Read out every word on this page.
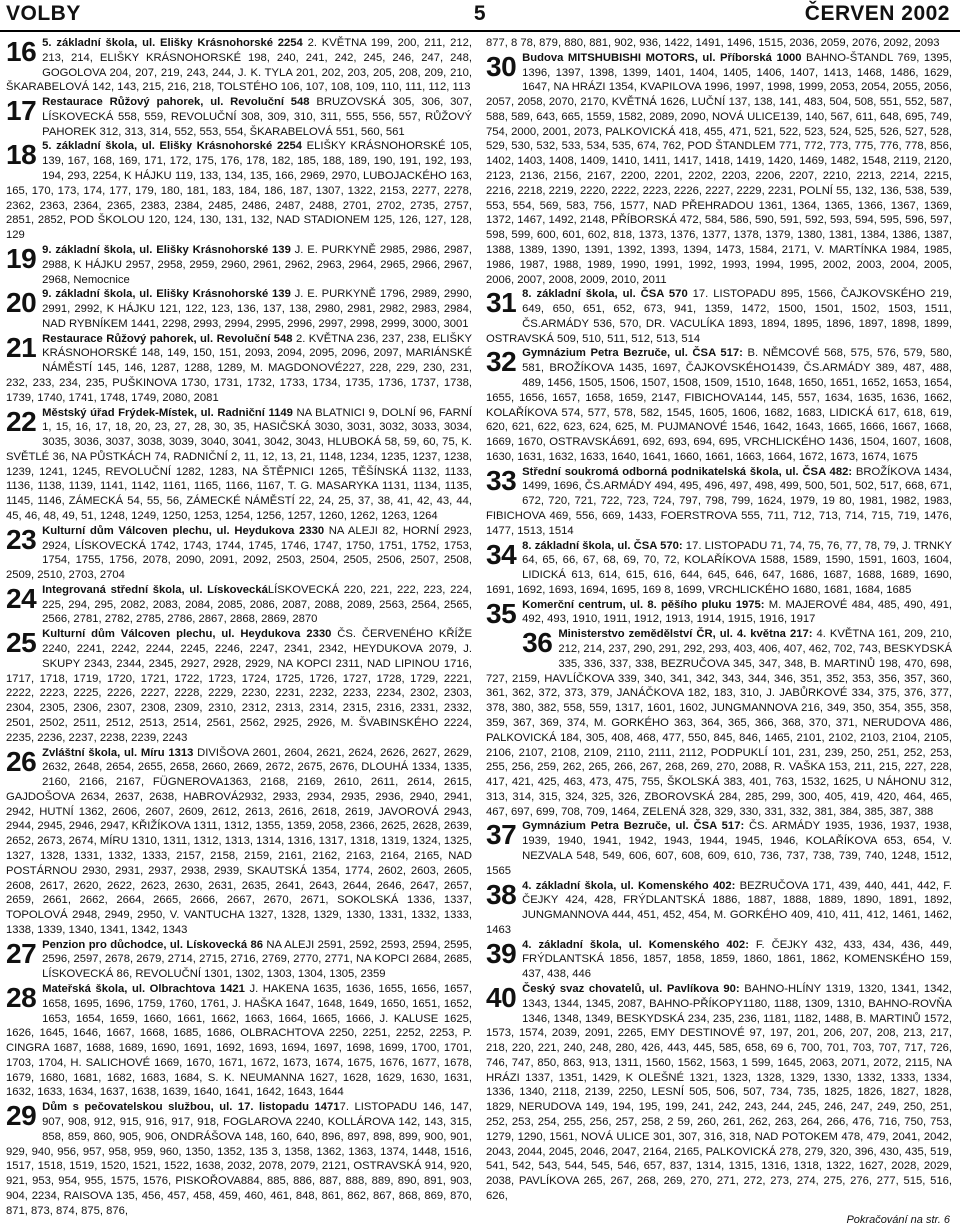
5
VOLBY	ČERVEN 2002

16 5. základní škola, ul. Elišky Krásnohorské 2254 2. KVĚTNA 199, 200, 211, 212, 213, 214, ELIŠKY KRÁSNOHORSKÉ 198, 240, 241, 242, 245, 246, 247, 248, GOGOLOVA 204, 207, 219, 243, 244, J. K. TYLA 201, 202, 203, 205, 208, 209, 210, ŠKARABELOVÁ 142, 143, 215, 216, 218, TOLSTÉHO 106, 107, 108, 109, 110, 111, 112, 113

17 Restaurace Růžový pahorek, ul. Revoluční 548 BRUZOVSKÁ 305, 306, 307, LÍSKOVECKÁ 558, 559, REVOLUČNÍ 308, 309, 310, 311, 555, 556, 557, RŮŽOVÝ PAHOREK 312, 313, 314, 552, 553, 554, ŠKARABELOVÁ 551, 560, 561

18 5. základní škola, ul. Elišky Krásnohorské 2254 ELIŠKY KRÁSNOHORSKÉ 105, 139, 167, 168, 169, 171, 172, 175, 176, 178, 182, 185, 188, 189, 190, 191, 192, 193, 194, 293, 2254, K HÁJKU 119, 133, 134, 135, 166, 2969, 2970, LUBOJACKÉHO 163, 165, 170, 173, 174, 177, 179, 180, 181, 183, 184, 186, 187, 1307, 1322, 2153, 2277, 2278, 2362, 2363, 2364, 2365, 2383, 2384, 2485, 2486, 2487, 2488, 2701, 2702, 2735, 2757, 2851, 2852, POD ŠKOLOU 120, 124, 130, 131, 132, NAD STADIONEM 125, 126, 127, 128, 129

19 9. základní škola, ul. Elišky Krásnohorské 139 J. E. PURKYNĚ 2985, 2986, 2987, 2988, K HÁJKU 2957, 2958, 2959, 2960, 2961, 2962, 2963, 2964, 2965, 2966, 2967, 2968, Nemocnice

20 9. základní škola, ul. Elišky Krásnohorské 139 J. E. PURKYNĚ 1796, 2989, 2990, 2991, 2992, K HÁJKU 121, 122, 123, 136, 137, 138, 2980, 2981, 2982, 2983, 2984, NAD RYBNÍKEM 1441, 2298, 2993, 2994, 2995, 2996, 2997, 2998, 2999, 3000, 3001

21 Restaurace Růžový pahorek, ul. Revoluční 548 2. KVĚTNA 236, 237, 238, ELIŠKY KRÁSNOHORSKÉ 148, 149, 150, 151, 2093, 2094, 2095, 2096, 2097, MARIÁNSKÉ NÁMĚSTÍ 145, 146, 1287, 1288, 1289, M. MAGDONOVÉ227, 228, 229, 230, 231, 232, 233, 234, 235, PUŠKINOVA 1730, 1731, 1732, 1733, 1734, 1735, 1736, 1737, 1738, 1739, 1740, 1741, 1748, 1749, 2080, 2081

22 Městský úřad Frýdek-Místek, ul. Radniční 1149 NA BLATNICI 9, DOLNÍ 96, FARNÍ 1, 15, 16, 17, 18, 20, 23, 27, 28, 30, 35, HASIČSKÁ 3030, 3031, 3032, 3033, 3034, 3035, 3036, 3037, 3038, 3039, 3040, 3041, 3042, 3043, HLUBOKÁ 58, 59, 60, 75, K. SVĚTLÉ 36, NA PŮSTKÁCH 74, RADNIČNÍ 2, 11, 12, 13, 21, 1148, 1234, 1235, 1237, 1238, 1239, 1241, 1245, REVOLUČNÍ 1282, 1283, NA ŠTĚPNICI 1265, TĚŠÍNSKÁ 1132, 1133, 1136, 1138, 1139, 1141, 1142, 1161, 1165, 1166, 1167, T. G. MASARYKA 1131, 1134, 1135, 1145, 1146, ZÁMECKÁ 54, 55, 56, ZÁMECKÉ NÁMĚSTÍ 22, 24, 25, 37, 38, 41, 42, 43, 44, 45, 46, 48, 49, 51, 1248, 1249, 1250, 1253, 1254, 1256, 1257, 1260, 1262, 1263, 1264

23 Kulturní dům Válcoven plechu, ul. Heydukova 2330 NA ALEJI 82, HORNÍ 2923, 2924, LÍSKOVECKÁ 1742, 1743, 1744, 1745, 1746, 1747, 1750, 1751, 1752, 1753, 1754, 1755, 1756, 2078, 2090, 2091, 2092, 2503, 2504, 2505, 2506, 2507, 2508, 2509, 2510, 2703, 2704

24 Integrovaná střední škola, ul. LískoveckáLÍSKOVECKÁ 220, 221, 222, 223, 224, 225, 294, 295, 2082, 2083, 2084, 2085, 2086, 2087, 2088, 2089, 2563, 2564, 2565, 2566, 2781, 2782, 2785, 2786, 2867, 2868, 2869, 2870

25 Kulturní dům Válcoven plechu, ul. Heydukova 2330 ČS. ČERVENÉHO KŘÍŽE 2240, 2241, 2242, 2244, 2245, 2246, 2247, 2341, 2342, HEYDUKOVA 2079, J. SKUPY 2343, 2344, 2345, 2927, 2928, 2929, NA KOPCI 2311, NAD LIPINOU 1716, 1717, 1718, 1719, 1720, 1721, 1722, 1723, 1724, 1725, 1726, 1727, 1728, 1729, 2221, 2222, 2223, 2225, 2226, 2227, 2228, 2229, 2230, 2231, 2232, 2233, 2234, 2302, 2303, 2304, 2305, 2306, 2307, 2308, 2309, 2310, 2312, 2313, 2314, 2315, 2316, 2331, 2332, 2501, 2502, 2511, 2512, 2513, 2514, 2561, 2562, 2925, 2926, M. ŠVABINSKÉHO 2224, 2235, 2236, 2237, 2238, 2239, 2243

26 Zvláštní škola, ul. Míru 1313 DIVIŠOVA 2601, 2604, 2621, 2624, 2626, 2627, 2629, 2632, 2648, 2654, 2655, 2658, 2660, 2669, 2672, 2675, 2676, DLOUHÁ 1334, 1335, 2160, 2166, 2167, FÜGNEROVA1363, 2168, 2169, 2610, 2611, 2614, 2615, GAJDOŠOVA 2634, 2637, 2638, HABROVÁ2932, 2933, 2934, 2935, 2936, 2940, 2941, 2942, HUTNÍ 1362, 2606, 2607, 2609, 2612, 2613, 2616, 2618, 2619, JAVOROVÁ 2943, 2944, 2945, 2946, 2947, KŘIŽÍKOVA 1311, 1312, 1355, 1359, 2058, 2366, 2625, 2628, 2639, 2652, 2673, 2674, MÍRU 1310, 1311, 1312, 1313, 1314, 1316, 1317, 1318, 1319, 1324, 1325, 1327, 1328, 1331, 1332, 1333, 2157, 2158, 2159, 2161, 2162, 2163, 2164, 2165, NAD POSTÁRNOU 2930, 2931, 2937, 2938, 2939, SKAUTSKÁ 1354, 1774, 2602, 2603, 2605, 2608, 2617, 2620, 2622, 2623, 2630, 2631, 2635, 2641, 2643, 2644, 2646, 2647, 2657, 2659, 2661, 2662, 2664, 2665, 2666, 2667, 2670, 2671, SOKOLSKÁ 1336, 1337, TOPOLOVÁ 2948, 2949, 2950, V. VANTUCHA 1327, 1328, 1329, 1330, 1331, 1332, 1333, 1338, 1339, 1340, 1341, 1342, 1343

27 Penzion pro důchodce, ul. Lískovecká 86 NA ALEJI 2591, 2592, 2593, 2594, 2595, 2596, 2597, 2678, 2679, 2714, 2715, 2716, 2769, 2770, 2771, NA KOPCI 2684, 2685, LÍSKOVECKÁ 86, REVOLUČNÍ 1301, 1302, 1303, 1304, 1305, 2359

28 Mateřská škola, ul. Olbrachtova 1421 J. HAKENA 1635, 1636, 1655, 1656, 1657, 1658, 1695, 1696, 1759, 1760, 1761, J. HAŠKA 1647, 1648, 1649, 1650, 1651, 1652, 1653, 1654, 1659, 1660, 1661, 1662, 1663, 1664, 1665, 1666, J. KALUSE 1625, 1626, 1645, 1646, 1667, 1668, 1685, 1686, OLBRACHTOVA 2250, 2251, 2252, 2253, P. CINGRA 1687, 1688, 1689, 1690, 1691, 1692, 1693, 1694, 1697, 1698, 1699, 1700, 1701, 1703, 1704, H. SALICHOVÉ 1669, 1670, 1671, 1672, 1673, 1674, 1675, 1676, 1677, 1678, 1679, 1680, 1681, 1682, 1683, 1684, S. K. NEUMANNA 1627, 1628, 1629, 1630, 1631, 1632, 1633, 1634, 1637, 1638, 1639, 1640, 1641, 1642, 1643, 1644

29 Dům s pečovatelskou službou, ul. 17. listopadu 14717. LISTOPADU 146, 147, 907, 908, 912, 915, 916, 917, 918, FOGLAROVA 2240, KOLLÁROVA 142, 143, 315, 858, 859, 860, 905, 906, ONDRÁŠOVA 148, 160, 640, 896, 897, 898, 899, 900, 901, 929, 940, 956, 957, 958, 959, 960, 1350, 1352, 135 3, 1358, 1362, 1363, 1374, 1448, 1516, 1517, 1518, 1519, 1520, 1521, 1522, 1638, 2032, 2078, 2079, 2121, OSTRAVSKÁ 914, 920, 921, 953, 954, 955, 1575, 1576, PISKOŘOVA884, 885, 886, 887, 888, 889, 890, 891, 903, 904, 2234, RAISOVA 135, 456, 457, 458, 459, 460, 461, 848, 861, 862, 867, 868, 869, 870, 871, 873, 874, 875, 876,

877, 8 78, 879, 880, 881, 902, 936, 1422, 1491, 1496, 1515, 2036, 2059, 2076, 2092, 2093

30 Budova MITSHUBISHI MOTORS, ul. Příborská 1000 BAHNO-ŠTANDL 769, 1395, 1396, 1397, 1398, 1399, 1401, 1404, 1405, 1406, 1407, 1413, 1468, 1486, 1629, 1647, NA HRÁZI 1354, KVAPILOVA 1996, 1997, 1998, 1999, 2053, 2054, 2055, 2056, 2057, 2058, 2070, 2170, KVĚTNÁ 1626, LUČNÍ 137, 138, 141, 483, 504, 508, 551, 552, 587, 588, 589, 643, 665, 1559, 1582, 2089, 2090, NOVÁ ULICE139, 140, 567, 611, 648, 695, 749, 754, 2000, 2001, 2073, PALKOVICKÁ 418, 455, 471, 521, 522, 523, 524, 525, 526, 527, 528, 529, 530, 532, 533, 534, 535, 674, 762, POD ŠTANDLEM 771, 772, 773, 775, 776, 778, 856, 1402, 1403, 1408, 1409, 1410, 1411, 1417, 1418, 1419, 1420, 1469, 1482, 1548, 2119, 2120, 2123, 2136, 2156, 2167, 2200, 2201, 2202, 2203, 2206, 2207, 2210, 2213, 2214, 2215, 2216, 2218, 2219, 2220, 2222, 2223, 2226, 2227, 2229, 2231, POLNÍ 55, 132, 136, 538, 539, 553, 554, 569, 583, 756, 1577, NAD PŘEHRADOU 1361, 1364, 1365, 1366, 1367, 1369, 1372, 1467, 1492, 2148, PŘÍBORSKÁ 472, 584, 586, 590, 591, 592, 593, 594, 595, 596, 597, 598, 599, 600, 601, 602, 818, 1373, 1376, 1377, 1378, 1379, 1380, 1381, 1384, 1386, 1387, 1388, 1389, 1390, 1391, 1392, 1393, 1394, 1473, 1584, 2171, V. MARTÍNKA 1984, 1985, 1986, 1987, 1988, 1989, 1990, 1991, 1992, 1993, 1994, 1995, 2002, 2003, 2004, 2005, 2006, 2007, 2008, 2009, 2010, 2011

31 8. základní škola, ul. ČSA 570 17. LISTOPADU 895, 1566, ČAJKOVSKÉHO 219, 649, 650, 651, 652, 673, 941, 1359, 1472, 1500, 1501, 1502, 1503, 1511, ČS.ARMÁDY 536, 570, DR. VACULÍKA 1893, 1894, 1895, 1896, 1897, 1898, 1899, OSTRAVSKÁ 509, 510, 511, 512, 513, 514

32 Gymnázium Petra Bezruče, ul. ČSA 517: B. NĚMCOVÉ 568, 575, 576, 579, 580, 581, BROŽÍKOVA 1435, 1697, ČAJKOVSKÉHO1439, ČS.ARMÁDY 389, 487, 488, 489, 1456, 1505, 1506, 1507, 1508, 1509, 1510, 1648, 1650, 1651, 1652, 1653, 1654, 1655, 1656, 1657, 1658, 1659, 2147, FIBICHOVA144, 145, 557, 1634, 1635, 1636, 1662, KOLAŘÍKOVA 574, 577, 578, 582, 1545, 1605, 1606, 1682, 1683, LIDICKÁ 617, 618, 619, 620, 621, 622, 623, 624, 625, M. PUJMANOVÉ 1546, 1642, 1643, 1665, 1666, 1667, 1668, 1669, 1670, OSTRAVSKÁ691, 692, 693, 694, 695, VRCHLICKÉHO 1436, 1504, 1607, 1608, 1630, 1631, 1632, 1633, 1640, 1641, 1660, 1661, 1663, 1664, 1672, 1673, 1674, 1675

33 Střední soukromá odborná podnikatelská škola, ul. ČSA 482: BROŽÍKOVA 1434, 1499, 1696, ČS.ARMÁDY 494, 495, 496, 497, 498, 499, 500, 501, 502, 517, 668, 671, 672, 720, 721, 722, 723, 724, 797, 798, 799, 1624, 1979, 19 80, 1981, 1982, 1983, FIBICHOVA 469, 556, 669, 1433, FOERSTROVA 555, 711, 712, 713, 714, 715, 719, 1476, 1477, 1513, 1514

34 8. základní škola, ul. ČSA 570: 17. LISTOPADU 71, 74, 75, 76, 77, 78, 79, J. TRNKY 64, 65, 66, 67, 68, 69, 70, 72, KOLAŘÍKOVA 1588, 1589, 1590, 1591, 1603, 1604, LIDICKÁ 613, 614, 615, 616, 644, 645, 646, 647, 1686, 1687, 1688, 1689, 1690, 1691, 1692, 1693, 1694, 1695, 169 8, 1699, VRCHLICKÉHO 1680, 1681, 1684, 1685

35 Komerční centrum, ul. 8. pěšího pluku 1975: M. MAJEROVÉ 484, 485, 490, 491, 492, 493, 1910, 1911, 1912, 1913, 1914, 1915, 1916, 1917

36 Ministerstvo zemědělství ČR, ul. 4. května 217: 4. KVĚTNA 161, 209, 210, 212, 214, 237, 290, 291, 292, 293, 403, 406, 407, 462, 702, 743, BESKYDSKÁ 335, 336, 337, 338, BEZRUČOVA 345, 347, 348, B. MARTINŮ 198, 470, 698, 727, 2159, HAVLÍČKOVA 339, 340, 341, 342, 343, 344, 346, 351, 352, 353, 356, 357, 360, 361, 362, 372, 373, 379, JANÁČKOVA 182, 183, 310, J. JABŮRKOVÉ 334, 375, 376, 377, 378, 380, 382, 558, 559, 1317, 1601, 1602, JUNGMANNOVA 216, 349, 350, 354, 355, 358, 359, 367, 369, 374, M. GORKÉHO 363, 364, 365, 366, 368, 370, 371, NERUDOVA 486, PALKOVICKÁ 184, 305, 408, 468, 477, 550, 845, 846, 1465, 2101, 2102, 2103, 2104, 2105, 2106, 2107, 2108, 2109, 2110, 2111, 2112, PODPUKLÍ 101, 231, 239, 250, 251, 252, 253, 255, 256, 259, 262, 265, 266, 267, 268, 269, 270, 2088, R. VAŠKA 153, 211, 215, 227, 228, 417, 421, 425, 463, 473, 475, 755, ŠKOLSKÁ 383, 401, 763, 1532, 1625, U NÁHONU 312, 313, 314, 315, 324, 325, 326, ZBOROVSKÁ 284, 285, 299, 300, 405, 419, 420, 464, 465, 467, 697, 699, 708, 709, 1464, ZELENÁ 328, 329, 330, 331, 332, 381, 384, 385, 387, 388

37 Gymnázium Petra Bezruče, ul. ČSA 517: ČS. ARMÁDY 1935, 1936, 1937, 1938, 1939, 1940, 1941, 1942, 1943, 1944, 1945, 1946, KOLAŘÍKOVA 653, 654, V. NEZVALA 548, 549, 606, 607, 608, 609, 610, 736, 737, 738, 739, 740, 1248, 1512, 1565

38 4. základní škola, ul. Komenského 402: BEZRUČOVA 171, 439, 440, 441, 442, F. ČEJKY 424, 428, FRÝDLANTSKÁ 1886, 1887, 1888, 1889, 1890, 1891, 1892, JUNGMANNOVA 444, 451, 452, 454, M. GORKÉHO 409, 410, 411, 412, 1461, 1462, 1463

39 4. základní škola, ul. Komenského 402: F. ČEJKY 432, 433, 434, 436, 449, FRÝDLANTSKÁ 1856, 1857, 1858, 1859, 1860, 1861, 1862, KOMENSKÉHO 159, 437, 438, 446

40 Český svaz chovatelů, ul. Pavlíkova 90: BAHNO-HLÍNY 1319, 1320, 1341, 1342, 1343, 1344, 1345, 2087, BAHNO-PŘÍKOPY1180, 1188, 1309, 1310, BAHNO-ROVŇA 1346, 1348, 1349, BESKYDSKÁ 234, 235, 236, 1181, 1182, 1488, B. MARTINŮ 1572, 1573, 1574, 2039, 2091, 2265, EMY DESTINOVÉ 97, 197, 201, 206, 207, 208, 213, 217, 218, 220, 221, 240, 248, 280, 426, 443, 445, 585, 658, 69 6, 700, 701, 703, 707, 717, 726, 746, 747, 850, 863, 913, 1311, 1560, 1562, 1563, 1 599, 1645, 2063, 2071, 2072, 2115, NA HRÁZI 1337, 1351, 1429, K OLEŠNÉ 1321, 1323, 1328, 1329, 1330, 1332, 1333, 1334, 1336, 1340, 2118, 2139, 2250, LESNÍ 505, 506, 507, 734, 735, 1825, 1826, 1827, 1828, 1829, NERUDOVA 149, 194, 195, 199, 241, 242, 243, 244, 245, 246, 247, 249, 250, 251, 252, 253, 254, 255, 256, 257, 258, 2 59, 260, 261, 262, 263, 264, 266, 476, 716, 750, 753, 1279, 1290, 1561, NOVÁ ULICE 301, 307, 316, 318, NAD POTOKEM 478, 479, 2041, 2042, 2043, 2044, 2045, 2046, 2047, 2164, 2165, PALKOVICKÁ 278, 279, 320, 396, 430, 435, 519, 541, 542, 543, 544, 545, 546, 657, 837, 1314, 1315, 1316, 1318, 1322, 1627, 2028, 2029, 2038, PAVLÍKOVA 265, 267, 268, 269, 270, 271, 272, 273, 274, 275, 276, 277, 515, 516, 626,

Pokračování na str. 6
